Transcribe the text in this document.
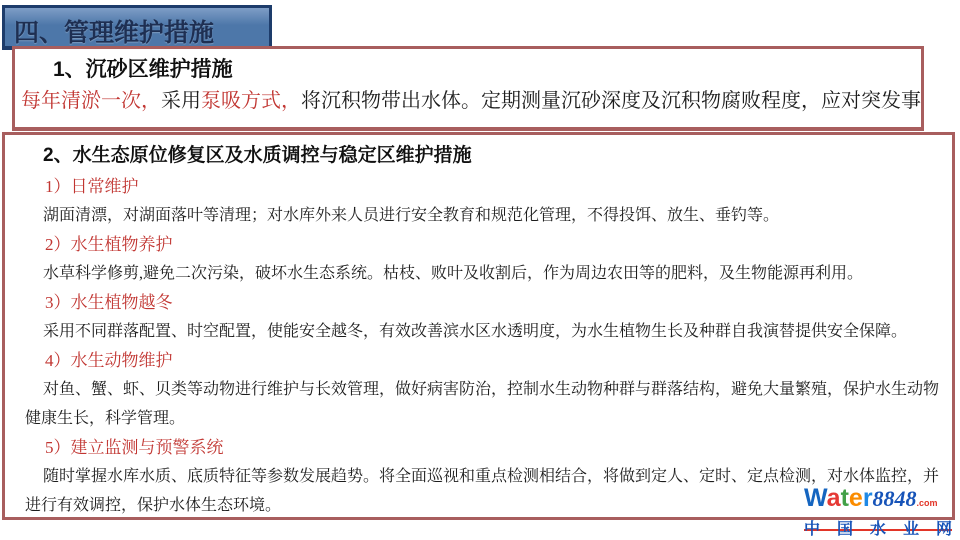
四、管理维护措施
1、沉砂区维护措施

每年清淤一次，采用泵吸方式，将沉积物带出水体。定期测量沉砂深度及沉积物腐败程度，应对突发事

2、水生态原位修复区及水质调控与稳定区维护措施

1）日常维护

湖面清漂，对湖面落叶等清理；对水库外来人员进行安全教育和规范化管理，不得投饵、放生、垂钓等。

2）水生植物养护

水草科学修剪,避免二次污染，破坏水生态系统。枯枝、败叶及收割后，作为周边农田等的肥料，及生物能源再利用。

3）水生植物越冬

采用不同群落配置、时空配置，使能安全越冬，有效改善滨水区水透明度，为水生植物生长及种群自我演替提供安全保障。

4）水生动物维护

对鱼、蟹、虾、贝类等动物进行维护与长效管理，做好病害防治，控制水生动物种群与群落结构，避免大量繁殖，保护水生动物健康生长，科学管理。

5）建立监测与预警系统

随时掌握水库水质、底质特征等参数发展趋势。将全面巡视和重点检测相结合，将做到定人、定时、定点检测，对水体监控，并进行有效调控，保护水体生态环境。	Water8848.com
中 国 水 业 网
